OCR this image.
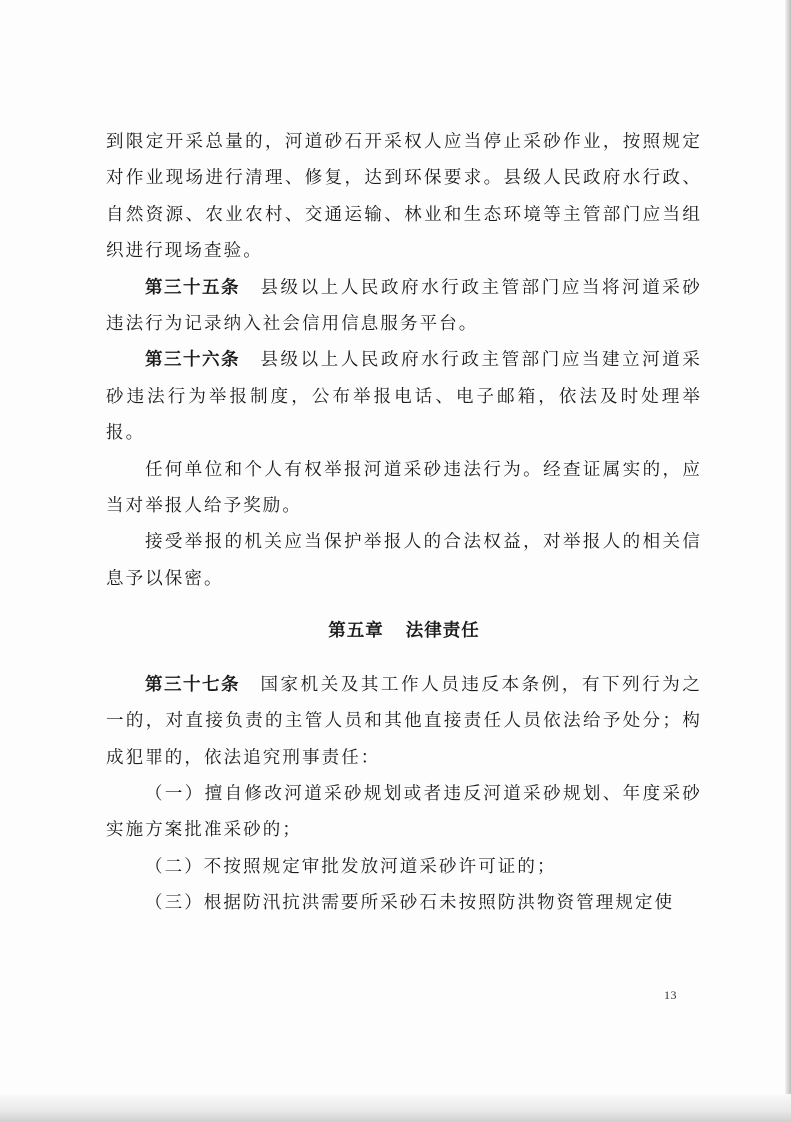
到限定开采总量的，河道砂石开采权人应当停止采砂作业，按照规定对作业现场进行清理、修复，达到环保要求。县级人民政府水行政、自然资源、农业农村、交通运输、林业和生态环境等主管部门应当组织进行现场查验。

第三十五条 县级以上人民政府水行政主管部门应当将河道采砂违法行为记录纳入社会信用信息服务平台。

第三十六条 县级以上人民政府水行政主管部门应当建立河道采砂违法行为举报制度，公布举报电话、电子邮箱，依法及时处理举报。

任何单位和个人有权举报河道采砂违法行为。经查证属实的，应当对举报人给予奖励。

接受举报的机关应当保护举报人的合法权益，对举报人的相关信息予以保密。

第五章 法律责任

第三十七条 国家机关及其工作人员违反本条例，有下列行为之一的，对直接负责的主管人员和其他直接责任人员依法给予处分；构成犯罪的，依法追究刑事责任：

（一）擅自修改河道采砂规划或者违反河道采砂规划、年度采砂实施方案批准采砂的；

（二）不按照规定审批发放河道采砂许可证的；

（三）根据防汛抗洪需要所采砂石未按照防洪物资管理规定使

13
